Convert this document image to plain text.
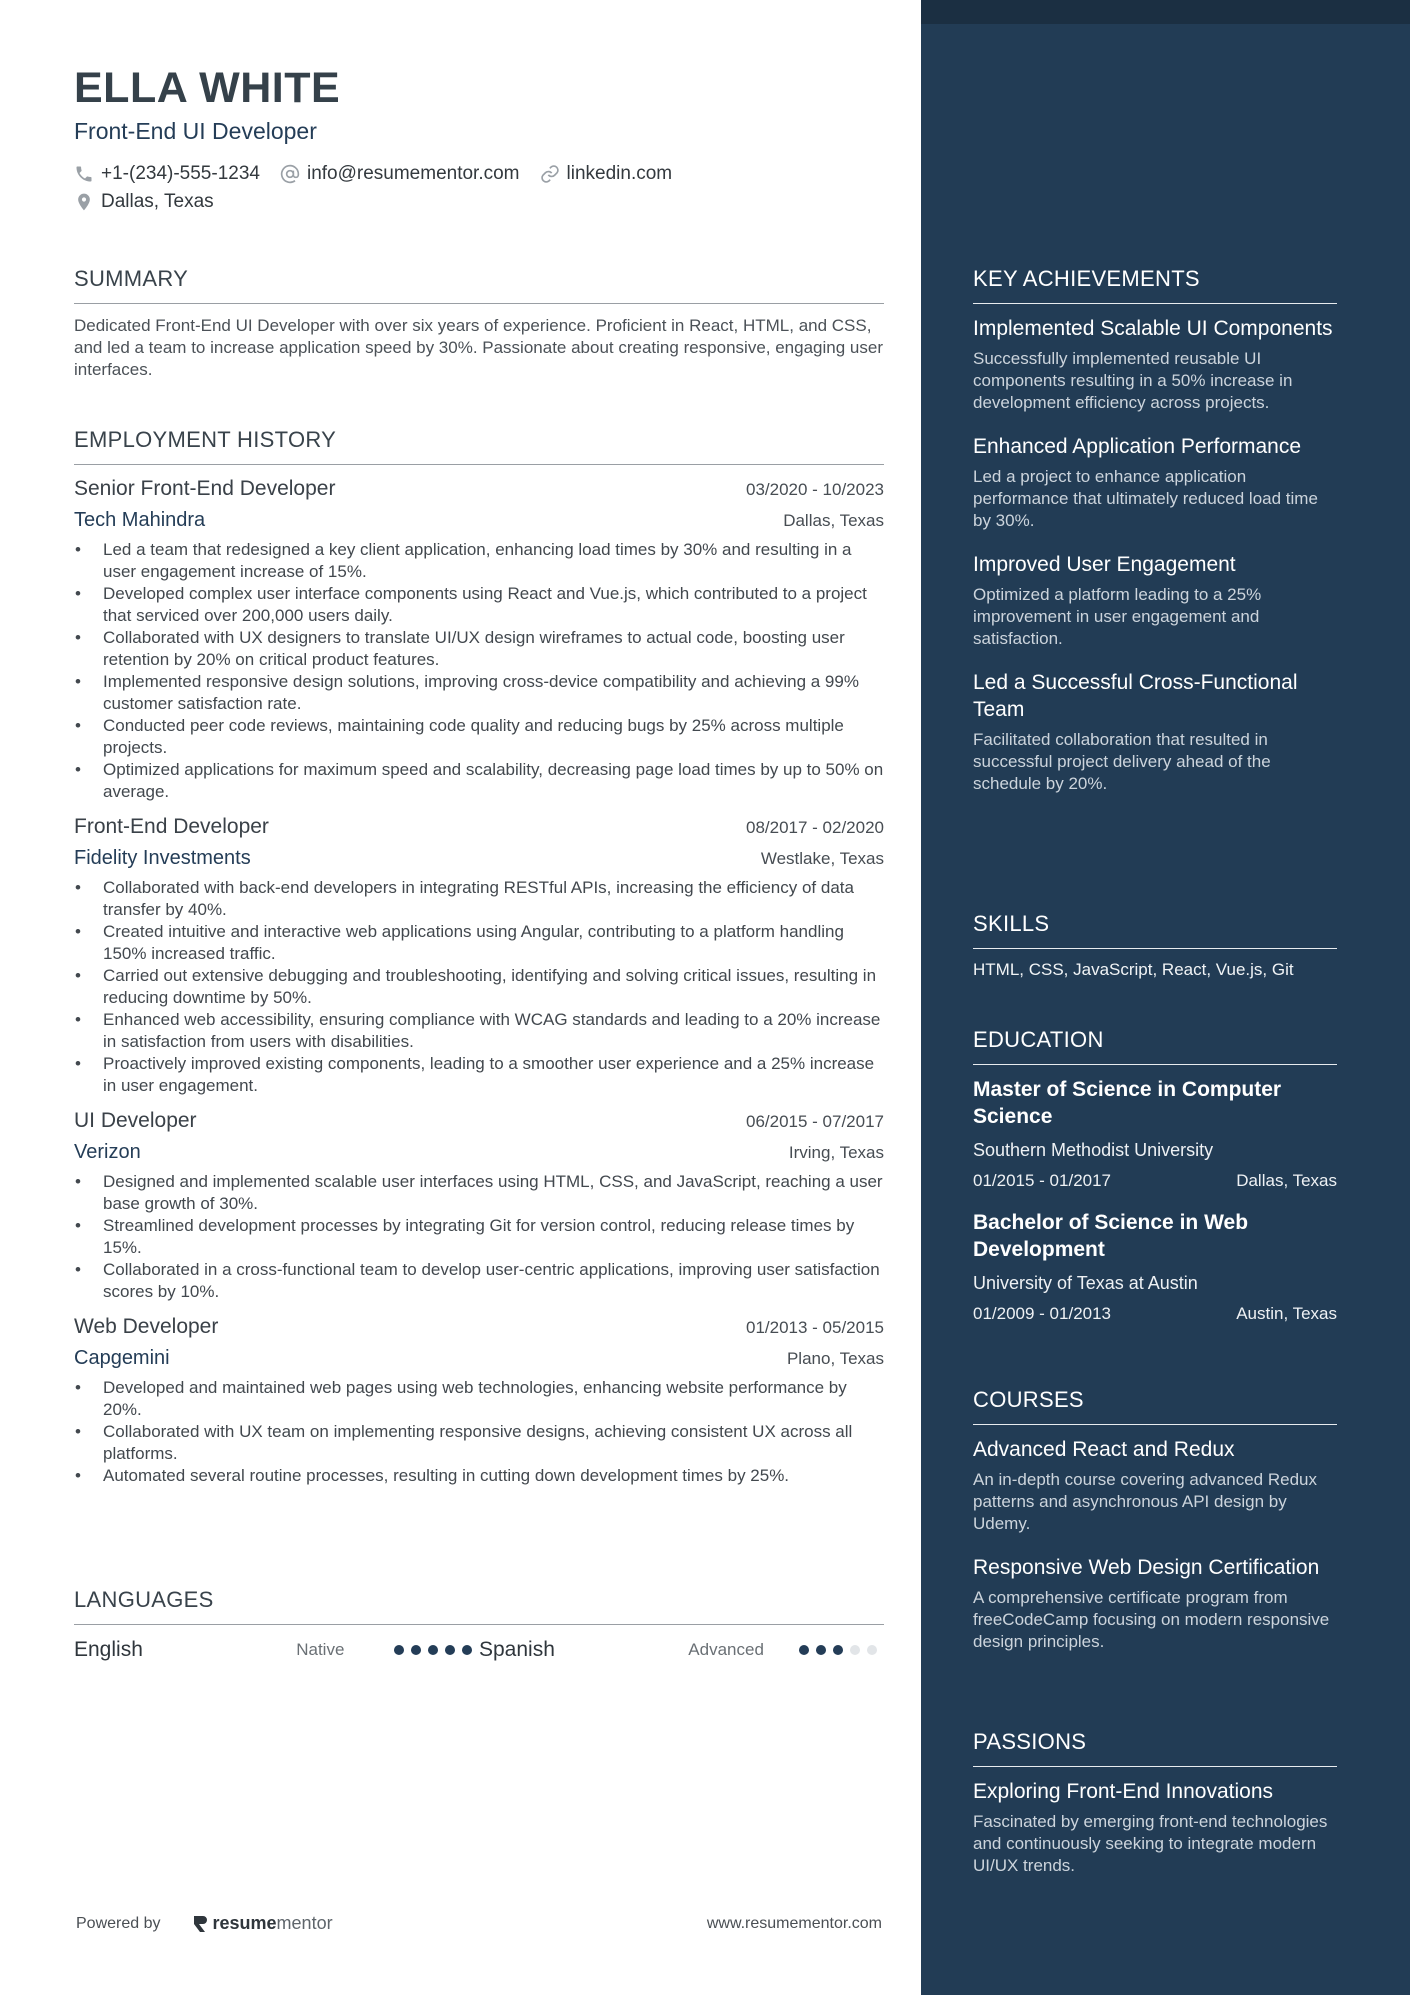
ELLA WHITE
Front-End UI Developer
+1-(234)-555-1234 info@resumementor.com linkedin.com
Dallas, Texas
SUMMARY

Dedicated Front-End UI Developer with over six years of experience. Proficient in React, HTML, and CSS, and led a team to increase application speed by 30%. Passionate about creating responsive, engaging user interfaces.

EMPLOYMENT HISTORY
Senior Front-End Developer	03/2020 - 10/2023
Tech Mahindra	Dallas, Texas
• Led a team that redesigned a key client application, enhancing load times by 30% and resulting in a user engagement increase of 15%.
• Developed complex user interface components using React and Vue.js, which contributed to a project that serviced over 200,000 users daily.
• Collaborated with UX designers to translate UI/UX design wireframes to actual code, boosting user retention by 20% on critical product features.
• Implemented responsive design solutions, improving cross-device compatibility and achieving a 99% customer satisfaction rate.
• Conducted peer code reviews, maintaining code quality and reducing bugs by 25% across multiple projects.
• Optimized applications for maximum speed and scalability, decreasing page load times by up to 50% on average.
Front-End Developer	08/2017 - 02/2020
Fidelity Investments	Westlake, Texas
• Collaborated with back-end developers in integrating RESTful APIs, increasing the efficiency of data transfer by 40%.
• Created intuitive and interactive web applications using Angular, contributing to a platform handling 150% increased traffic.
• Carried out extensive debugging and troubleshooting, identifying and solving critical issues, resulting in reducing downtime by 50%.
• Enhanced web accessibility, ensuring compliance with WCAG standards and leading to a 20% increase in satisfaction from users with disabilities.
• Proactively improved existing components, leading to a smoother user experience and a 25% increase in user engagement.
UI Developer	06/2015 - 07/2017
Verizon	Irving, Texas
• Designed and implemented scalable user interfaces using HTML, CSS, and JavaScript, reaching a user base growth of 30%.
• Streamlined development processes by integrating Git for version control, reducing release times by 15%.
• Collaborated in a cross-functional team to develop user-centric applications, improving user satisfaction scores by 10%.
Web Developer	01/2013 - 05/2015
Capgemini	Plano, Texas
• Developed and maintained web pages using web technologies, enhancing website performance by 20%.
• Collaborated with UX team on implementing responsive designs, achieving consistent UX across all platforms.
• Automated several routine processes, resulting in cutting down development times by 25%.
LANGUAGES
English	Native	Spanish	Advanced
Powered by	resume mentor	www.resumementor.com
KEY ACHIEVEMENTS
Implemented Scalable UI Components
Successfully implemented reusable UI components resulting in a 50% increase in development efficiency across projects.
Enhanced Application Performance
Led a project to enhance application performance that ultimately reduced load time by 30%.
Improved User Engagement
Optimized a platform leading to a 25% improvement in user engagement and satisfaction.
Led a Successful Cross-Functional Team
Facilitated collaboration that resulted in successful project delivery ahead of the schedule by 20%.
SKILLS
HTML, CSS, JavaScript, React, Vue.js, Git
EDUCATION
Master of Science in Computer Science
Southern Methodist University
01/2015 - 01/2017	Dallas, Texas
Bachelor of Science in Web Development
University of Texas at Austin
01/2009 - 01/2013	Austin, Texas
COURSES
Advanced React and Redux
An in-depth course covering advanced Redux patterns and asynchronous API design by Udemy.
Responsive Web Design Certification
A comprehensive certificate program from freeCodeCamp focusing on modern responsive design principles.
PASSIONS
Exploring Front-End Innovations
Fascinated by emerging front-end technologies and continuously seeking to integrate modern UI/UX trends.
